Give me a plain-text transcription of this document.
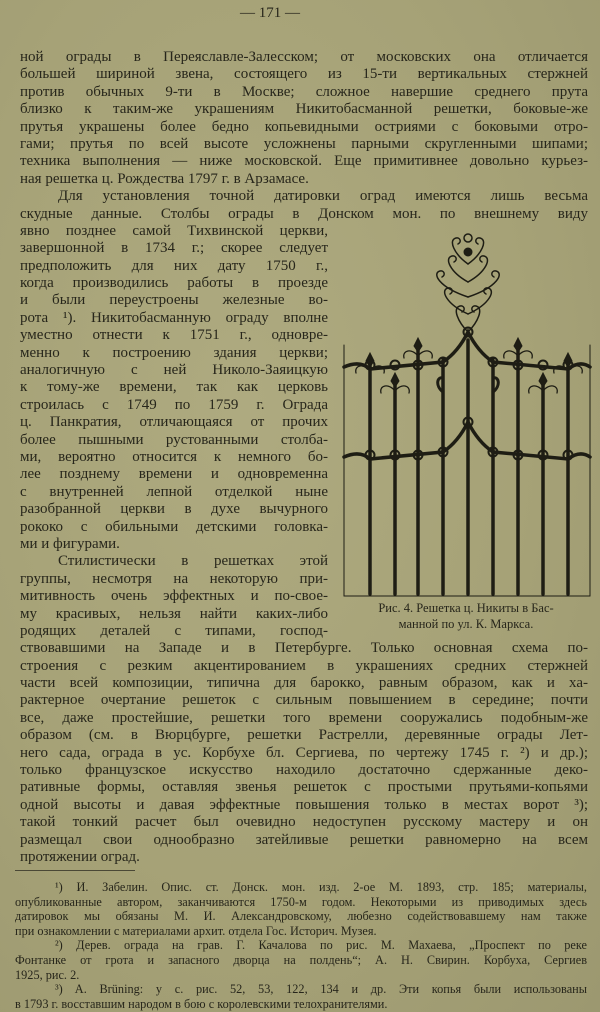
— 171 —
ной ограды в Переяславле-Залесском; от московских она отличается
большей шириной звена, состоящего из 15-ти вертикальных стержней
против обычных 9-ти в Москве; сложное навершие среднего прута
близко к таким-же украшениям Никитобасманной решетки, боковые-же
прутья украшены более бедно копьевидными остриями с боковыми отро-
гами; прутья по всей высоте усложнены парными скругленными шипами;
техника выполнения — ниже московской. Еще примитивнее довольно курьез-
ная решетка ц. Рождества 1797 г. в Арзамасе.
Для установления точной датировки оград имеются лишь весьма
скудные данные. Столбы ограды в Донском мон. по внешнему виду
явно позднее самой Тихвинской церкви,
завершонной в 1734 г.; скорее следует
предположить для них дату 1750 г.,
когда производились работы в проезде
и были переустроены железные во-
рота ¹). Никитобасманную ограду вполне
уместно отнести к 1751 г., одновре-
менно к построению здания церкви;
аналогичную с ней Николо-Заяицкую
к тому-же времени, так как церковь
строилась с 1749 по 1759 г. Ограда
ц. Панкратия, отличающаяся от прочих
более пышными рустованными столба-
ми, вероятно относится к немного бо-
лее позднему времени и одновременна
с внутренней лепной отделкой ныне
разобранной церкви в духе вычурного
рококо с обильными детскими головка-
ми и фигурами.
Стилистически в решетках этой
группы, несмотря на некоторую при-
митивность очень эффектных и по-свое-
му красивых, нельзя найти каких-либо
родящих деталей с типами, господ-
ствовавшими на Западе и в Петербурге. Только основная схема по-
строения с резким акцентированием в украшениях средних стержней
части всей композиции, типична для барокко, равным образом, как и ха-
рактерное очертание решеток с сильным повышением в середине; почти
все, даже простейшие, решетки того времени сооружались подобным-же
образом (см. в Вюрцбурге, решетки Растрелли, деревянные ограды Лет-
него сада, ограда в ус. Корбухе бл. Сергиева, по чертежу 1745 г. ²) и др.);
только французское искусство находило достаточно сдержанные деко-
ративные формы, оставляя звенья решеток с простыми прутьями-копьями
одной высоты и давая эффектные повышения только в местах ворот ³);
такой тонкий расчет был очевидно недоступен русскому мастеру и он
размещал свои однообразно затейливые решетки равномерно на всем
протяжении оград.
Рис. 4. Решетка ц. Никиты в Бас-
манной по ул. К. Маркса.
¹) И. Забелин. Опис. ст. Донск. мон. изд. 2-ое М. 1893, стр. 185; материалы,
опубликованные автором, заканчиваются 1750-м годом. Некоторыми из приводимых здесь
датировок мы обязаны М. И. Александровскому, любезно содействовавшему нам также
при ознакомлении с материалами архит. отдела Гос. Историч. Музея.
²) Дерев. ограда на грав. Г. Качалова по рис. М. Махаева, „Проспект по реке
Фонтанке от грота и запасного дворца на полдень“; А. Н. Свирин. Корбуха, Сергиев
1925, рис. 2.
³) A. Brüning: у с. рис. 52, 53, 122, 134 и др. Эти копья были использованы
в 1793 г. восставшим народом в бою с королевскими телохранителями.
